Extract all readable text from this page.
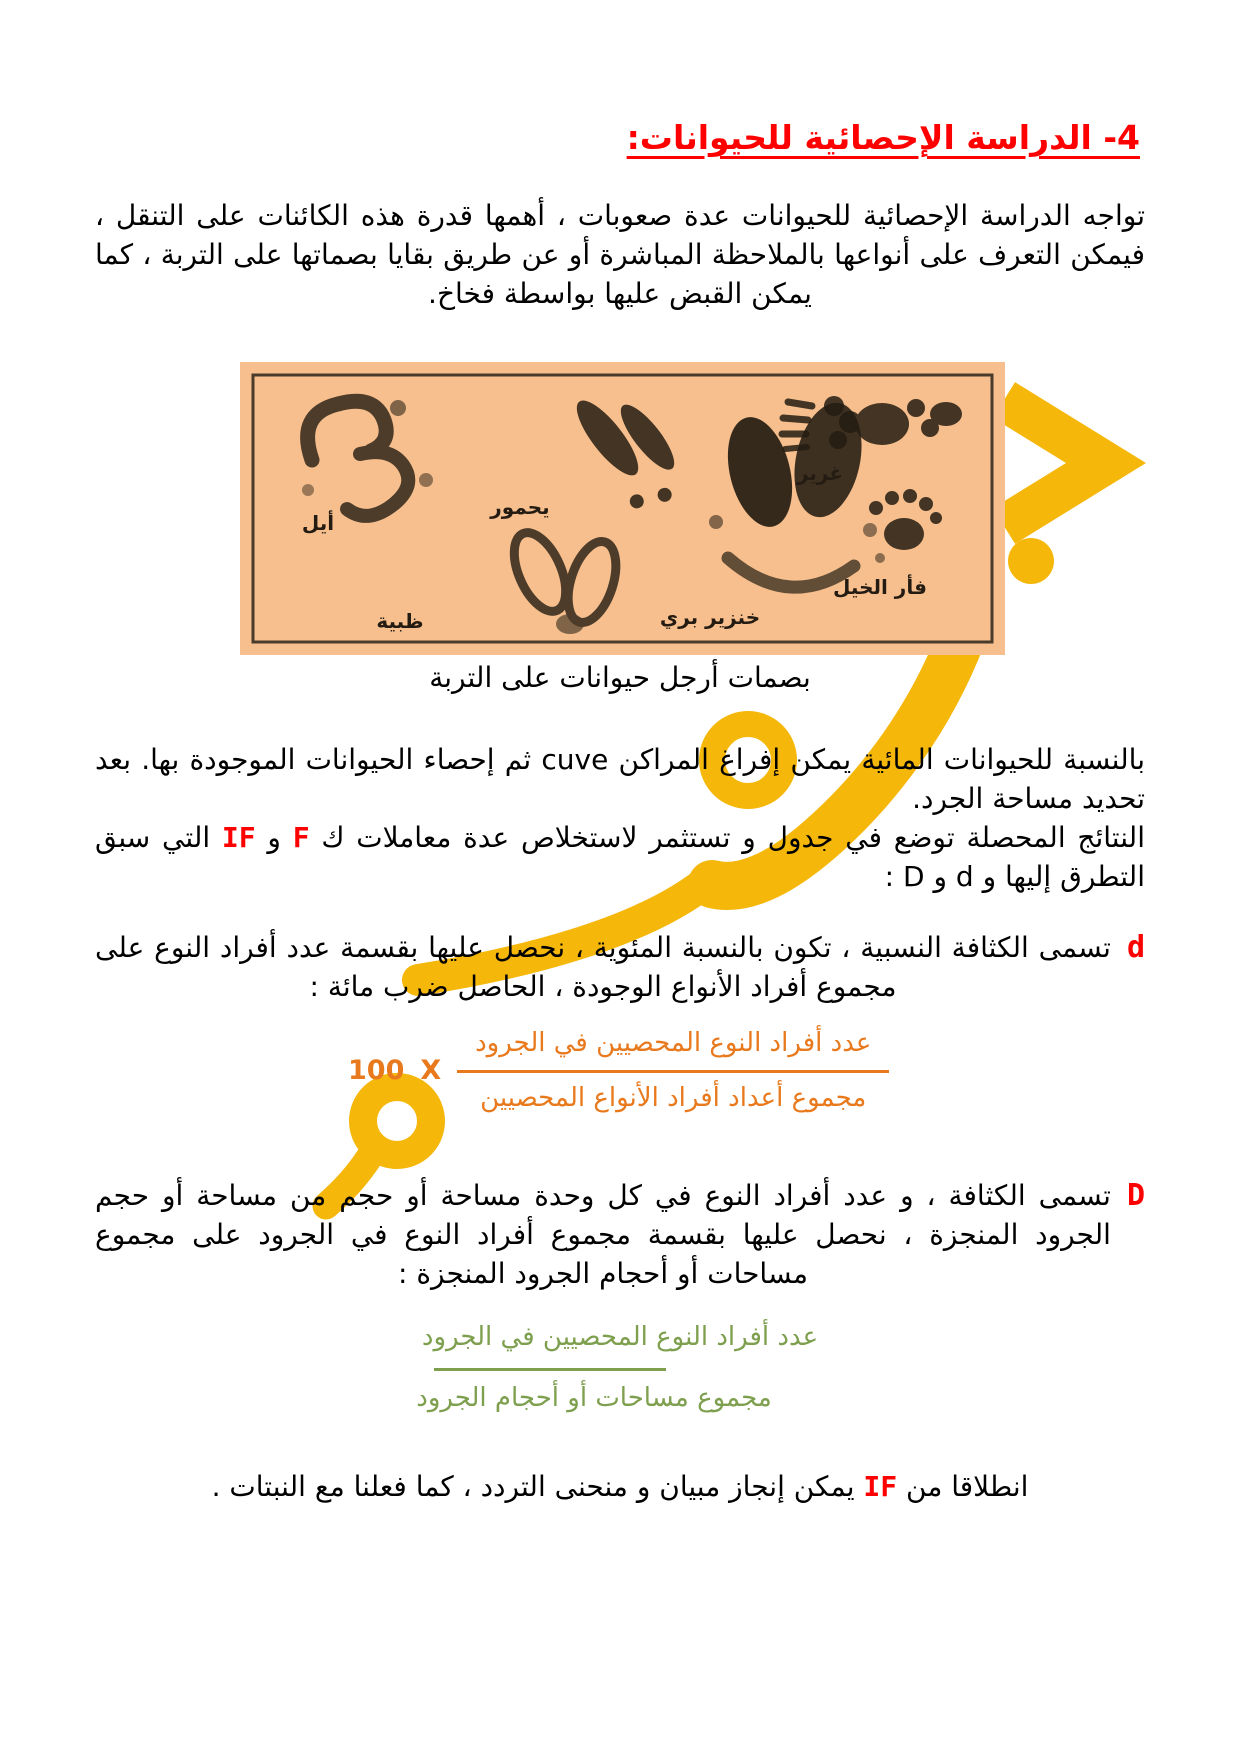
4- الدراسة الإحصائية للحيوانات:
تواجه الدراسة الإحصائية للحيوانات عدة صعوبات ، أهمها قدرة هذه الكائنات على التنقل ، فيمكن التعرف على أنواعها بالملاحظة المباشرة أو عن طريق بقايا بصماتها على التربة ، كما يمكن القبض عليها بواسطة فخاخ.
أيل
يحمور
ظبية	خنزير بري
غرير
فأر الخيل
بصمات أرجل حيوانات على التربة
بالنسبة للحيوانات المائية يمكن إفراغ المراكن cuve ثم إحصاء الحيوانات الموجودة بها. بعد تحديد مساحة الجرد.
النتائج المحصلة توضع في جدول و تستثمر لاستخلاص عدة معاملات ك F و IF التي سبق التطرق إليها و d و D :
d
تسمى الكثافة النسبية ، تكون بالنسبة المئوية ، نحصل عليها بقسمة عدد أفراد النوع على مجموع أفراد الأنواع الوجودة ، الحاصل ضرب مائة :
100 X $\frac{\text{عدد أفراد النوع المحصيين في الجرود}}{\text{مجموع أعداد أفراد الأنواع المحصيين}}$
D
تسمى الكثافة ، و عدد أفراد النوع في كل وحدة مساحة أو حجم من مساحة أو حجم الجرود المنجزة ، نحصل عليها بقسمة مجموع أفراد النوع في الجرود على مجموع مساحات أو أحجام الجرود المنجزة :
عدد أفراد النوع المحصيين في الجرود
مجموع مساحات أو أحجام الجرود
انطلاقا من IF يمكن إنجاز مبيان و منحنى التردد ، كما فعلنا مع النبتات .
